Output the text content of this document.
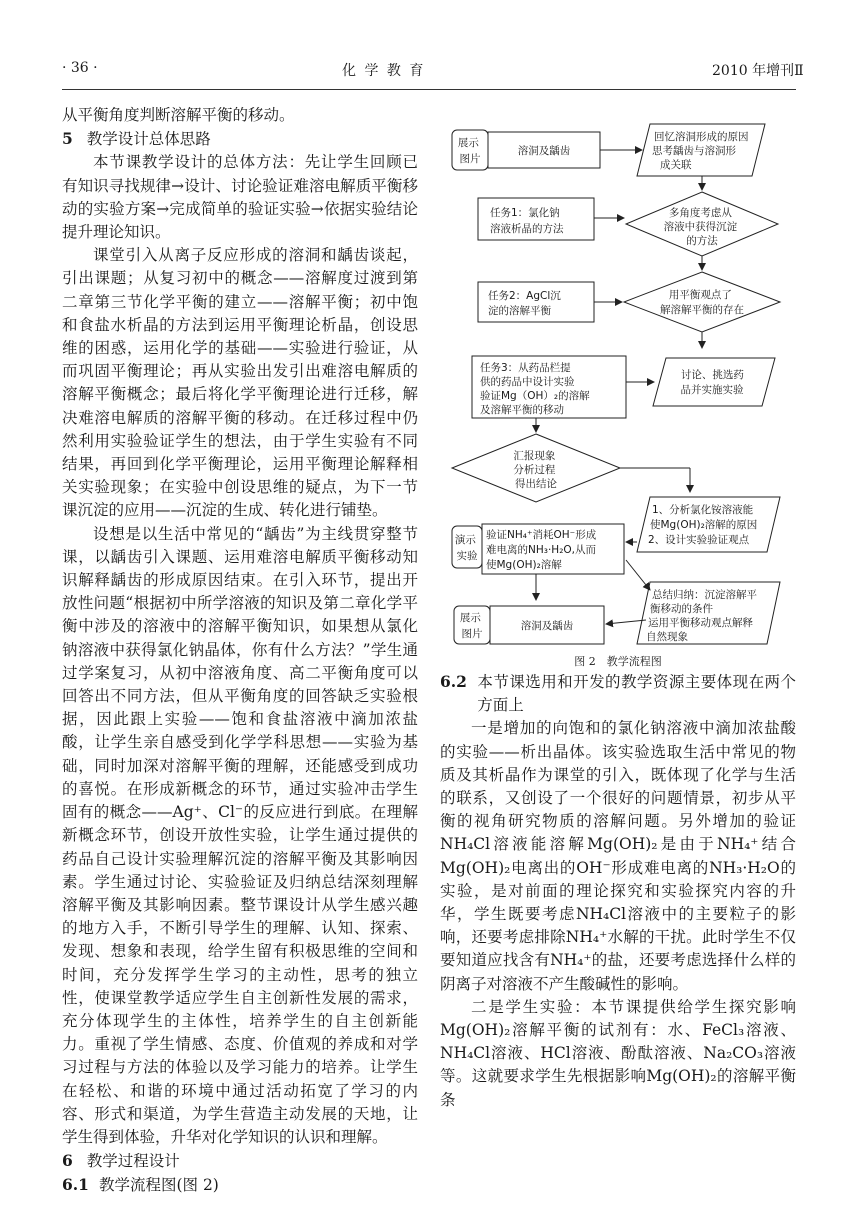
· 36 ·	化 学 教 育	2010 年增刊Ⅱ

从平衡角度判断溶解平衡的移动。

5 教学设计总体思路

本节课教学设计的总体方法：先让学生回顾已有知识寻找规律→设计、讨论验证难溶电解质平衡移动的实验方案→完成简单的验证实验→依据实验结论提升理论知识。

课堂引入从离子反应形成的溶洞和龋齿谈起，引出课题；从复习初中的概念——溶解度过渡到第二章第三节化学平衡的建立——溶解平衡；初中饱和食盐水析晶的方法到运用平衡理论析晶，创设思维的困惑，运用化学的基础——实验进行验证，从而巩固平衡理论；再从实验出发引出难溶电解质的溶解平衡概念；最后将化学平衡理论进行迁移，解决难溶电解质的溶解平衡的移动。在迁移过程中仍然利用实验验证学生的想法，由于学生实验有不同结果，再回到化学平衡理论，运用平衡理论解释相关实验现象；在实验中创设思维的疑点，为下一节课沉淀的应用——沉淀的生成、转化进行铺垫。

设想是以生活中常见的“龋齿”为主线贯穿整节课，以龋齿引入课题、运用难溶电解质平衡移动知识解释龋齿的形成原因结束。在引入环节，提出开放性问题“根据初中所学溶液的知识及第二章化学平衡中涉及的溶液中的溶解平衡知识，如果想从氯化钠溶液中获得氯化钠晶体，你有什么方法？”学生通过学案复习，从初中溶液角度、高二平衡角度可以回答出不同方法，但从平衡角度的回答缺乏实验根据，因此跟上实验——饱和食盐溶液中滴加浓盐酸，让学生亲自感受到化学学科思想——实验为基础，同时加深对溶解平衡的理解，还能感受到成功的喜悦。在形成新概念的环节，通过实验冲击学生固有的概念——Ag⁺、Cl⁻的反应进行到底。在理解新概念环节，创设开放性实验，让学生通过提供的药品自己设计实验理解沉淀的溶解平衡及其影响因素。学生通过讨论、实验验证及归纳总结深刻理解溶解平衡及其影响因素。整节课设计从学生感兴趣的地方入手，不断引导学生的理解、认知、探索、发现、想象和表现，给学生留有积极思维的空间和时间，充分发挥学生学习的主动性，思考的独立性，使课堂教学适应学生自主创新性发展的需求，充分体现学生的主体性，培养学生的自主创新能力。重视了学生情感、态度、价值观的养成和对学习过程与方法的体验以及学习能力的培养。让学生在轻松、和谐的环境中通过活动拓宽了学习的内容、形式和渠道，为学生营造主动发展的天地，让学生得到体验，升华对化学知识的认识和理解。

6 教学过程设计

6.1 教学流程图(图 2)

展示 图片
溶洞及龋齿
回忆溶洞形成的原因 思考龋齿与溶洞形 成关联
任务1：氯化钠 溶液析晶的方法
多角度考虑从 溶液中获得沉淀 的方法
任务2：AgCl沉 淀的溶解平衡
用平衡观点了 解溶解平衡的存在
任务3：从药品栏提 供的药品中设计实验 验证Mg（OH）₂的溶解 及溶解平衡的移动
讨论、挑选药 品并实施实验
汇报现象 分析过程 得出结论
1、分析氯化铵溶液能 使Mg(OH)₂溶解的原因 2、设计实验验证观点
演示 实验
验证NH₄⁺消耗OH⁻形成 难电离的NH₃·H₂O,从而 使Mg(OH)₂溶解
展示 图片
溶洞及龋齿
总结归纳：沉淀溶解平 衡移动的条件 运用平衡移动观点解释 自然现象
图 2　教学流程图

6.2 本节课选用和开发的教学资源主要体现在两个方面上

一是增加的向饱和的氯化钠溶液中滴加浓盐酸的实验——析出晶体。该实验选取生活中常见的物质及其析晶作为课堂的引入，既体现了化学与生活的联系，又创设了一个很好的问题情景，初步从平衡的视角研究物质的溶解问题。另外增加的验证NH₄Cl溶液能溶解Mg(OH)₂是由于NH₄⁺结合Mg(OH)₂电离出的OH⁻形成难电离的NH₃·H₂O的实验，是对前面的理论探究和实验探究内容的升华，学生既要考虑NH₄Cl溶液中的主要粒子的影响，还要考虑排除NH₄⁺水解的干扰。此时学生不仅要知道应找含有NH₄⁺的盐，还要考虑选择什么样的阴离子对溶液不产生酸碱性的影响。

二是学生实验：本节课提供给学生探究影响Mg(OH)₂溶解平衡的试剂有：水、FeCl₃溶液、NH₄Cl溶液、HCl溶液、酚酞溶液、Na₂CO₃溶液等。这就要求学生先根据影响Mg(OH)₂的溶解平衡条
